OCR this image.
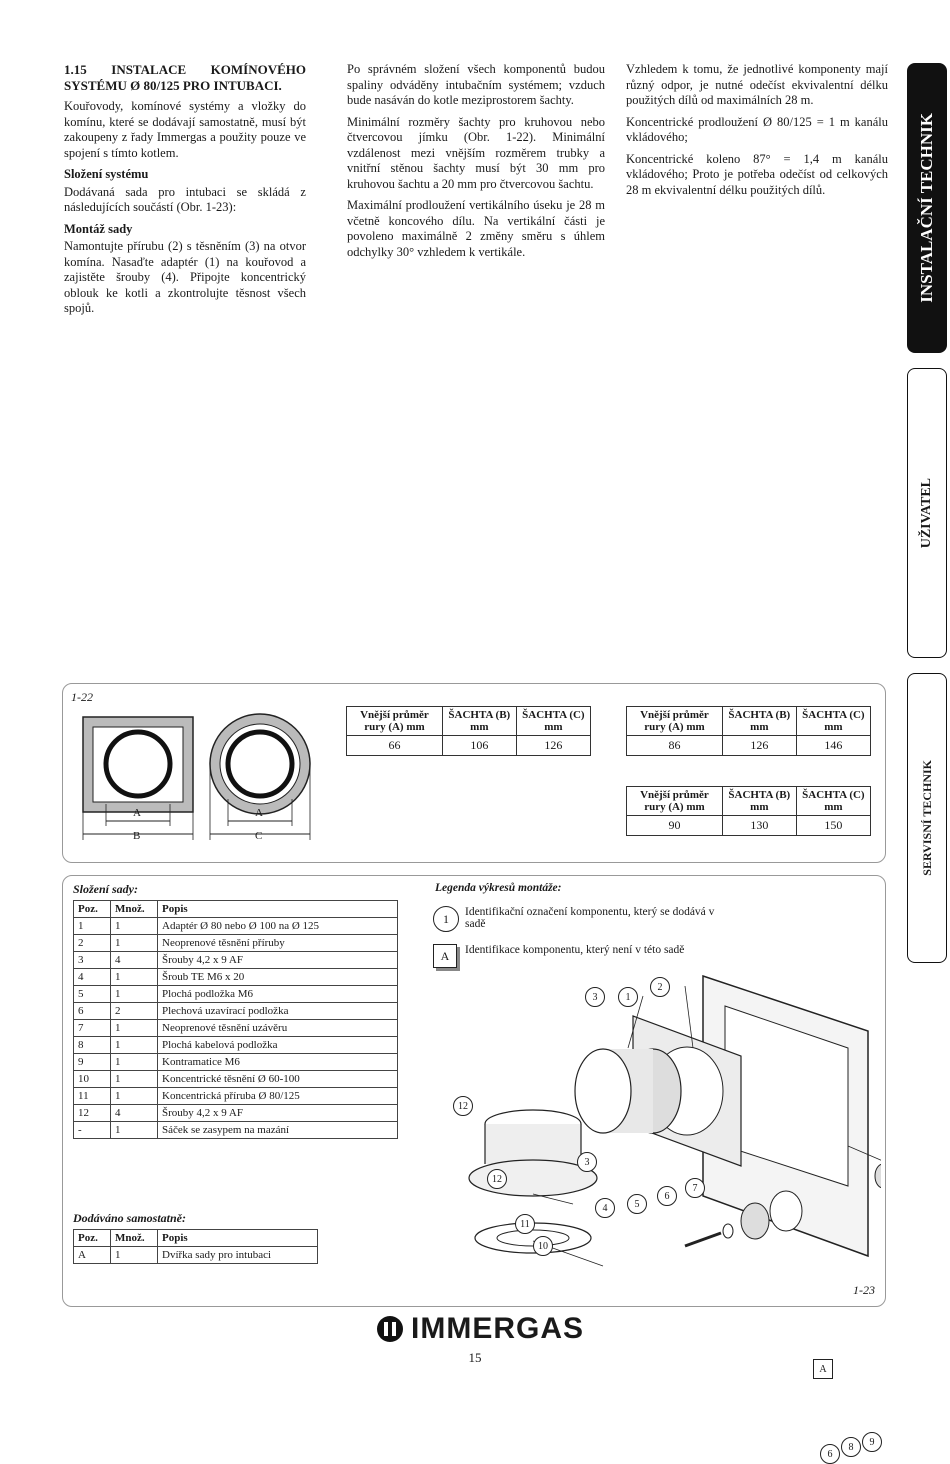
1.15 INSTALACE KOMÍNOVÉHO SYSTÉMU Ø 80/125 PRO INTUBACI.

Kouřovody, komínové systémy a vložky do komínu, které se dodávají samostatně, musí být zakoupeny z řady Immergas a použity pouze ve spojení s tímto kotlem.

Složení systému

Dodávaná sada pro intubaci se skládá z následujících součástí (Obr. 1-23):

Montáž sady

Namontujte přírubu (2) s těsněním (3) na otvor komína. Nasaďte adaptér (1) na kouřovod a zajistěte šrouby (4). Připojte koncentrický oblouk ke kotli a zkontrolujte těsnost všech spojů.

Po správném složení všech komponentů budou spaliny odváděny intubačním systémem; vzduch bude nasáván do kotle meziprostorem šachty.

Minimální rozměry šachty pro kruhovou nebo čtvercovou jímku (Obr. 1-22). Minimální vzdálenost mezi vnějším rozměrem trubky a vnitřní stěnou šachty musí být 30 mm pro kruhovou šachtu a 20 mm pro čtvercovou šachtu.

Maximální prodloužení vertikálního úseku je 28 m včetně koncového dílu. Na vertikální části je povoleno maximálně 2 změny směru s úhlem odchylky 30° vzhledem k vertikále.

Vzhledem k tomu, že jednotlivé komponenty mají různý odpor, je nutné odečíst ekvivalentní délku použitých dílů od maximálních 28 m.

Koncentrické prodloužení Ø 80/125 = 1 m kanálu vkládového;

Koncentrické koleno 87° = 1,4 m kanálu vkládového; Proto je potřeba odečíst od celkových 28 m ekvivalentní délku použitých dílů.	INSTALAČNÍ TECHNIK
UŽIVATEL
SERVISNÍ TECHNIK
1-22
A
B
A
C
Vnější průměr rury (A) mm	ŠACHTA (B) mm	ŠACHTA (C) mm
66	106	126
Vnější průměr rury (A) mm	ŠACHTA (B) mm	ŠACHTA (C) mm
86	126	146
Vnější průměr rury (A) mm	ŠACHTA (B) mm	ŠACHTA (C) mm
90	130	150
Složení sady:
Poz.	Množ.	Popis
1	1	Adaptér Ø 80 nebo Ø 100 na Ø 125
2	1	Neoprenové těsnění příruby
3	4	Šrouby 4,2 x 9 AF
4	1	Šroub TE M6 x 20
5	1	Plochá podložka M6
6	2	Plechová uzavírací podložka
7	1	Neoprenové těsnění uzávěru
8	1	Plochá kabelová podložka
9	1	Kontramatice M6
10	1	Koncentrické těsnění Ø 60-100
11	1	Koncentrická příruba Ø 80/125
12	4	Šrouby 4,2 x 9 AF
-	1	Sáček se zasypem na mazání
Dodáváno samostatně:
Poz.	Množ.	Popis
A	1	Dvířka sady pro intubaci
Legenda výkresů montáže:
1	Identifikační označení komponentu, který se dodává v sadě
A	Identifikace komponentu, který není v této sadě
3	1
2
A
12
12
3
11
10
4	5
6
7
6
8	9
1-23
IMMERGAS
15
